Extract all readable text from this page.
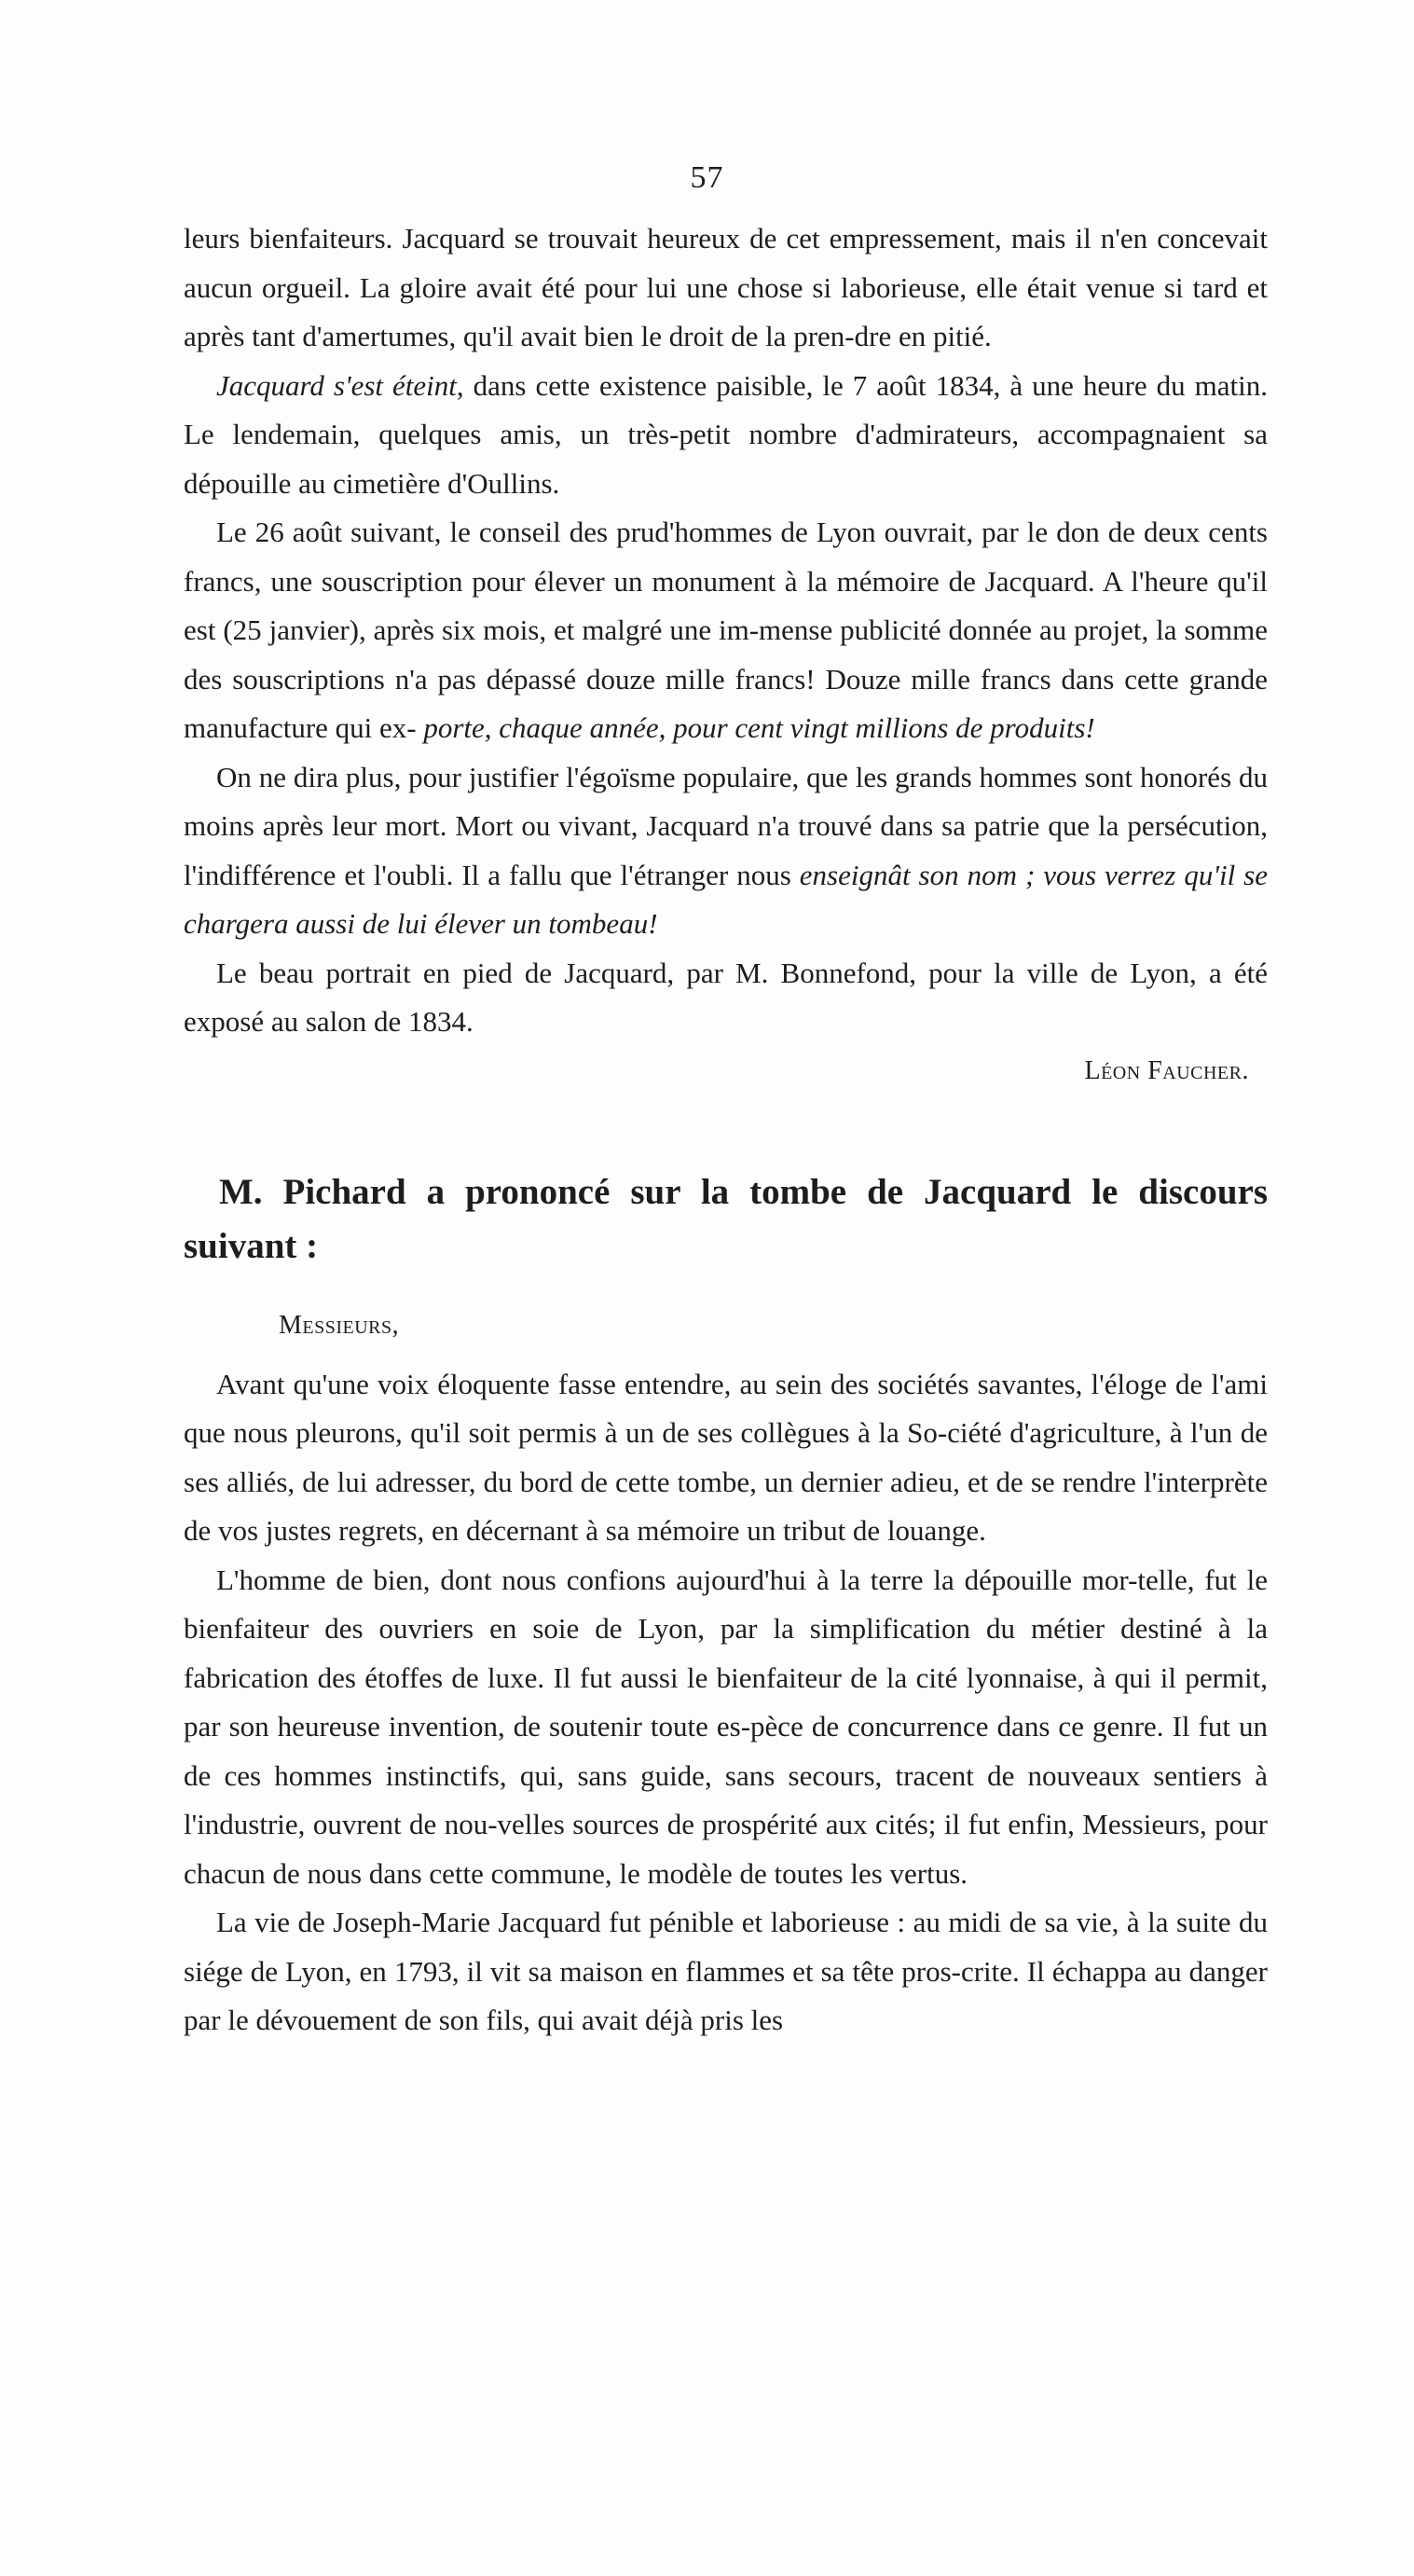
57

leurs bienfaiteurs. Jacquard se trouvait heureux de cet empressement, mais il n'en concevait aucun orgueil. La gloire avait été pour lui une chose si laborieuse, elle était venue si tard et après tant d'amertumes, qu'il avait bien le droit de la pren-dre en pitié.

Jacquard s'est éteint, dans cette existence paisible, le 7 août 1834, à une heure du matin. Le lendemain, quelques amis, un très-petit nombre d'admirateurs, accompagnaient sa dépouille au cimetière d'Oullins.

Le 26 août suivant, le conseil des prud'hommes de Lyon ouvrait, par le don de deux cents francs, une souscription pour élever un monument à la mémoire de Jacquard. A l'heure qu'il est (25 janvier), après six mois, et malgré une im-mense publicité donnée au projet, la somme des souscriptions n'a pas dépassé douze mille francs! Douze mille francs dans cette grande manufacture qui ex- porte, chaque année, pour cent vingt millions de produits!

On ne dira plus, pour justifier l'égoïsme populaire, que les grands hommes sont honorés du moins après leur mort. Mort ou vivant, Jacquard n'a trouvé dans sa patrie que la persécution, l'indifférence et l'oubli. Il a fallu que l'étranger nous enseignât son nom ; vous verrez qu'il se chargera aussi de lui élever un tombeau!

Le beau portrait en pied de Jacquard, par M. Bonnefond, pour la ville de Lyon, a été exposé au salon de 1834.

Léon Faucher.

M. Pichard a prononcé sur la tombe de Jacquard le discours suivant :

Messieurs,

Avant qu'une voix éloquente fasse entendre, au sein des sociétés savantes, l'éloge de l'ami que nous pleurons, qu'il soit permis à un de ses collègues à la So-ciété d'agriculture, à l'un de ses alliés, de lui adresser, du bord de cette tombe, un dernier adieu, et de se rendre l'interprète de vos justes regrets, en décernant à sa mémoire un tribut de louange.

L'homme de bien, dont nous confions aujourd'hui à la terre la dépouille mor-telle, fut le bienfaiteur des ouvriers en soie de Lyon, par la simplification du métier destiné à la fabrication des étoffes de luxe. Il fut aussi le bienfaiteur de la cité lyonnaise, à qui il permit, par son heureuse invention, de soutenir toute es-pèce de concurrence dans ce genre. Il fut un de ces hommes instinctifs, qui, sans guide, sans secours, tracent de nouveaux sentiers à l'industrie, ouvrent de nou-velles sources de prospérité aux cités; il fut enfin, Messieurs, pour chacun de nous dans cette commune, le modèle de toutes les vertus.

La vie de Joseph-Marie Jacquard fut pénible et laborieuse : au midi de sa vie, à la suite du siége de Lyon, en 1793, il vit sa maison en flammes et sa tête pros-crite. Il échappa au danger par le dévouement de son fils, qui avait déjà pris les
